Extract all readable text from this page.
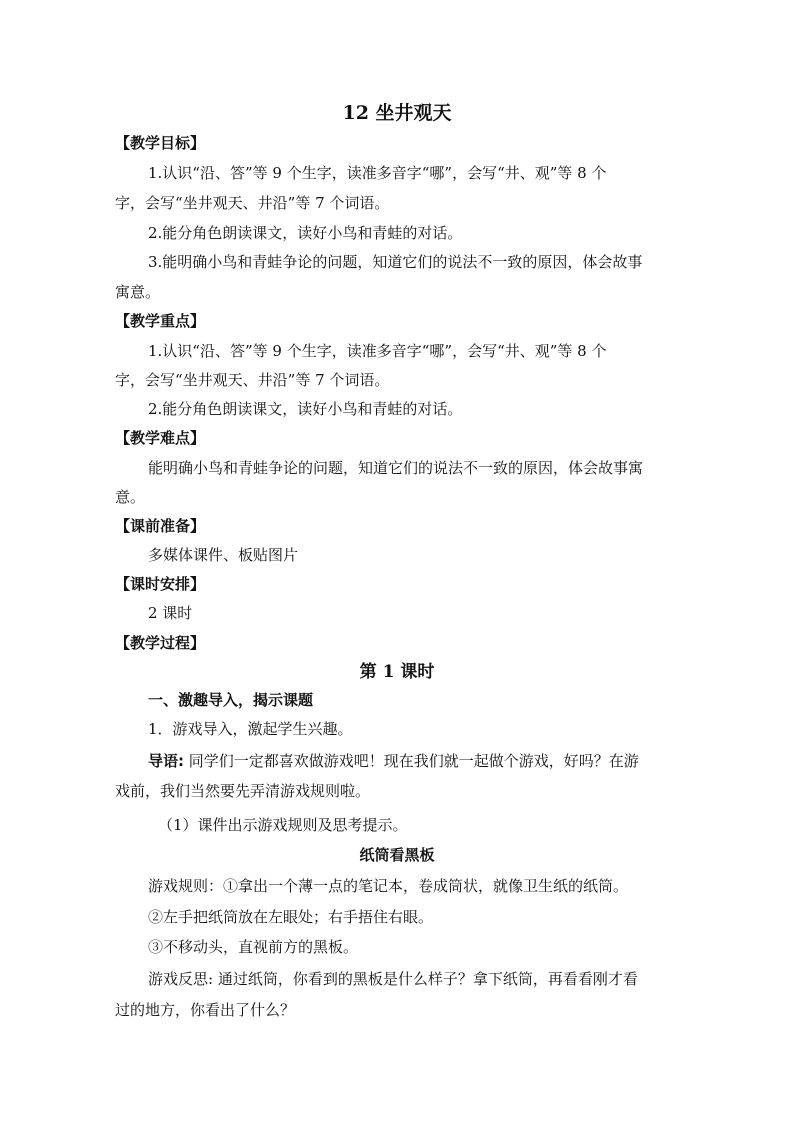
12 坐井观天
【教学目标】
1.认识“沿、答”等 9 个生字，读准多音字“哪”，会写“井、观”等 8 个
字，会写“坐井观天、井沿”等 7 个词语。
2.能分角色朗读课文，读好小鸟和青蛙的对话。
3.能明确小鸟和青蛙争论的问题，知道它们的说法不一致的原因，体会故事
寓意。
【教学重点】
1.认识“沿、答”等 9 个生字，读准多音字“哪”，会写“井、观”等 8 个
字，会写“坐井观天、井沿”等 7 个词语。
2.能分角色朗读课文，读好小鸟和青蛙的对话。
【教学难点】
能明确小鸟和青蛙争论的问题，知道它们的说法不一致的原因，体会故事寓
意。
【课前准备】
多媒体课件、板贴图片
【课时安排】
2 课时
【教学过程】
第 1 课时
一、激趣导入，揭示课题
1．游戏导入，激起学生兴趣。
导语: 同学们一定都喜欢做游戏吧！现在我们就一起做个游戏，好吗？在游
戏前，我们当然要先弄清游戏规则啦。
（1）课件出示游戏规则及思考提示。
纸筒看黑板
游戏规则：①拿出一个薄一点的笔记本，卷成筒状，就像卫生纸的纸筒。
②左手把纸筒放在左眼处；右手捂住右眼。
③不移动头，直视前方的黑板。
游戏反思: 通过纸筒，你看到的黑板是什么样子？拿下纸筒，再看看刚才看
过的地方，你看出了什么？
